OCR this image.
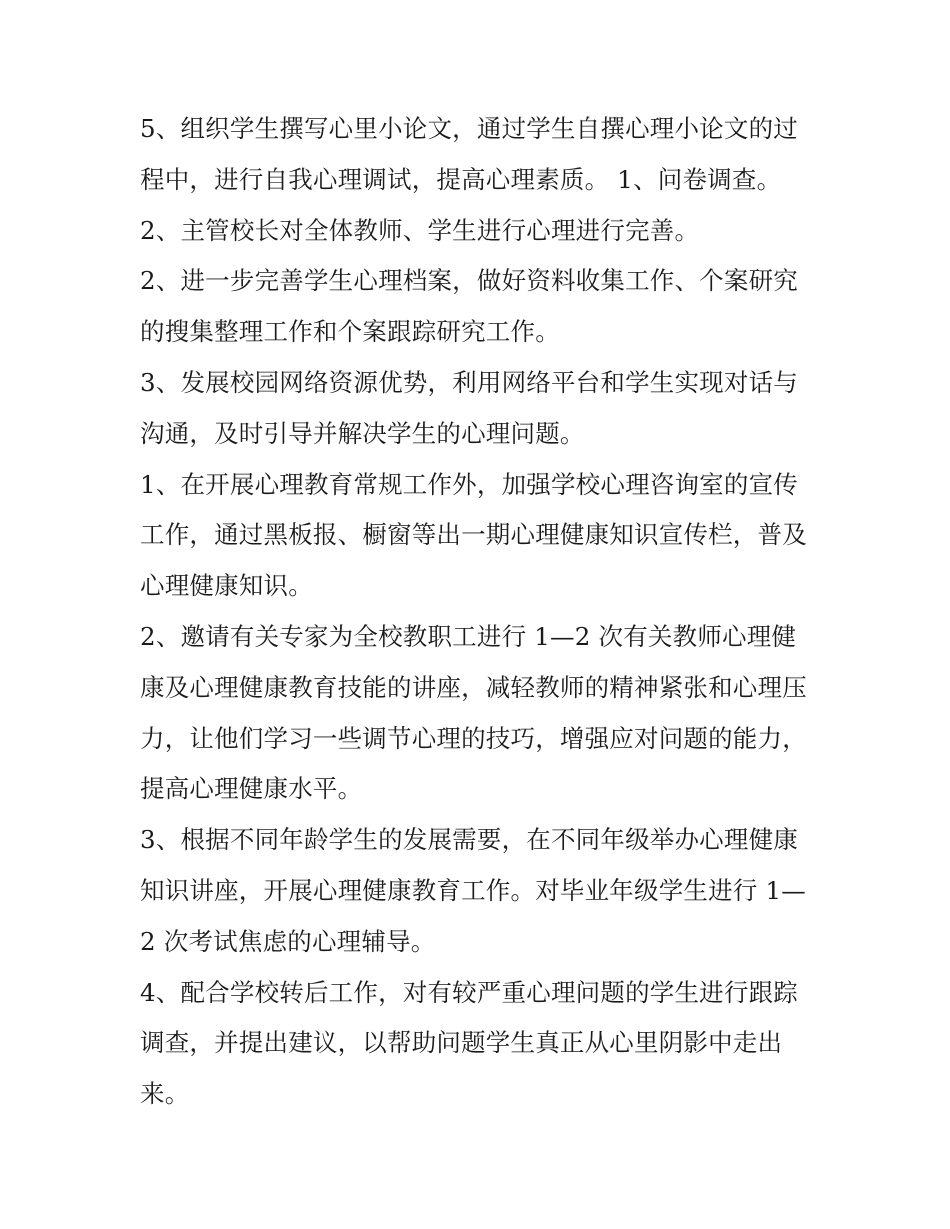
5、组织学生撰写心里小论文，通过学生自撰心理小论文的过程中，进行自我心理调试，提高心理素质。 1、问卷调查。

2、主管校长对全体教师、学生进行心理进行完善。

2、进一步完善学生心理档案，做好资料收集工作、个案研究的搜集整理工作和个案跟踪研究工作。

3、发展校园网络资源优势，利用网络平台和学生实现对话与沟通，及时引导并解决学生的心理问题。

1、在开展心理教育常规工作外，加强学校心理咨询室的宣传工作，通过黑板报、橱窗等出一期心理健康知识宣传栏，普及心理健康知识。

2、邀请有关专家为全校教职工进行 1—2 次有关教师心理健康及心理健康教育技能的讲座，减轻教师的精神紧张和心理压力，让他们学习一些调节心理的技巧，增强应对问题的能力，提高心理健康水平。

3、根据不同年龄学生的发展需要，在不同年级举办心理健康知识讲座，开展心理健康教育工作。对毕业年级学生进行 1—2 次考试焦虑的心理辅导。

4、配合学校转后工作，对有较严重心理问题的学生进行跟踪调查，并提出建议，以帮助问题学生真正从心里阴影中走出来。
